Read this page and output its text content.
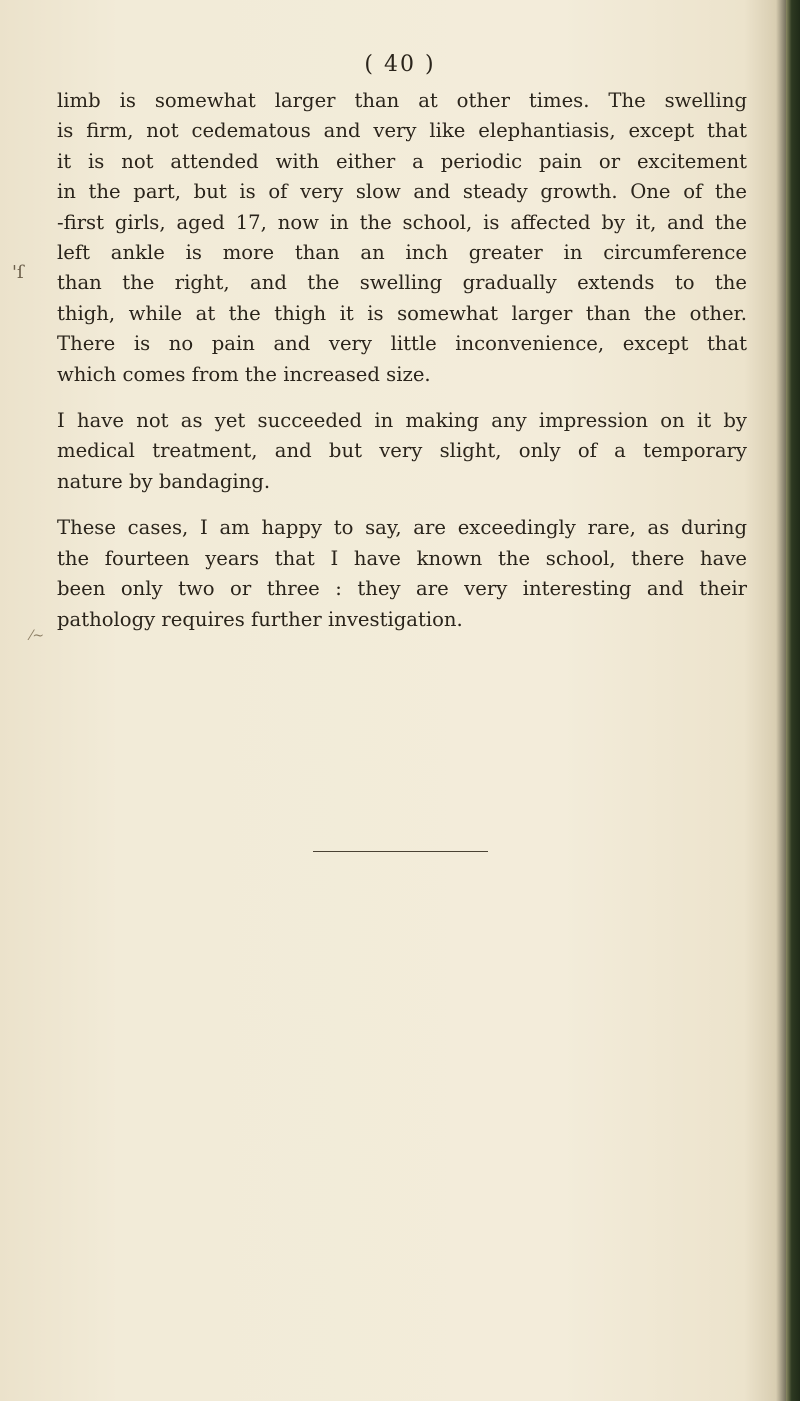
( 40 )
'ſ
⁄~

limb is somewhat larger than at other times. The swelling
is firm, not cedematous and very like elephantiasis, except that
it is not attended with either a periodic pain or excitement
in the part, but is of very slow and steady growth. One of the
-first girls, aged 17, now in the school, is affected by it, and the
left ankle is more than an inch greater in circumference
than the right, and the swelling gradually extends to the
thigh, while at the thigh it is somewhat larger than the other.
There is no pain and very little inconvenience, except that
which comes from the increased size.

I have not as yet succeeded in making any impression on it by
medical treatment, and but very slight, only of a temporary
nature by bandaging.

These cases, I am happy to say, are exceedingly rare, as during
the fourteen years that I have known the school, there have
been only two or three : they are very interesting and their
pathology requires further investigation.
